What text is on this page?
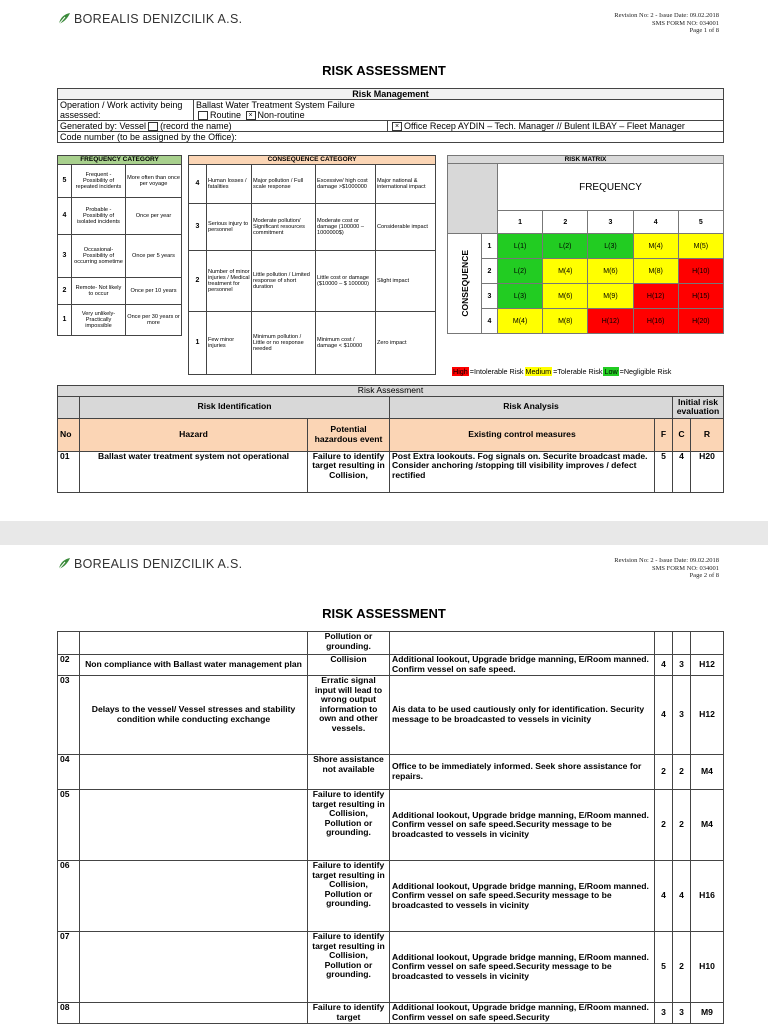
BOREALIS DENIZCILIK A.S.	Revision No: 2 - Issue Date: 09.02.2018
SMS FORM NO: 034001
Page 1 of 8
RISK ASSESSMENT
Risk Management		
Operation / Work activity being assessed:	Ballast Water Treatment System Failure
Routine × Non-routine	

Generated by: Vessel (record the name)		× Office Recep AYDIN – Tech. Manager // Bulent ILBAY – Fleet Manager
Code number (to be assigned by the Office):		
FREQUENCY CATEGORY		
5	Frequent - Possibility of repeated incidents	More often than once per voyage
4	Probable - Possibility of isolated incidents	Once per year
3	Occasional- Possibility of occurring sometime	Once per 5 years
2	Remote- Not likely to occur	Once per 10 years
1	Very unlikely- Practically impossible	Once per 30 years or more
CONSEQUENCE CATEGORY				
4	Human losses / fatalities	Major pollution / Full scale response	Excessive/ high cost damage >$1000000	Major national & international impact
3	Serious injury to personnel	Moderate pollution/ Significant resources commitment	Moderate cost or damage (100000 – 1000000$)	Considerable impact
2	Number of minor injuries / Medical treatment for personnel	Little pollution / Limited response of short duration	Little cost or damage ($10000 – $ 100000)	Slight impact
1	Few minor injuries	Minimum pollution / Little or no response needed	Minimum cost / damage < $10000	Zero impact
RISK MATRIX						
		FREQUENCY				
		1	2	3	4	5

CONSEQUENCE	1	L(1)	L(2)	L(3)	M(4)	M(5)
	2	L(2)	M(4)	M(6)	M(8)	H(10)
	3	L(3)	M(6)	M(9)	H(12)	H(15)
	4	M(4)	M(8)	H(12)	H(16)	H(20)
High =Intolerable Risk Medium =Tolerable Risk Low =Negligible Risk
Risk Assessment						
	Risk Identification		Risk Analysis		Initial risk evaluation	
No	Hazard	Potential hazardous event	Existing control measures	F	C	R
01	Ballast water treatment system not operational	Failure to identify target resulting in Collision,	Post Extra lookouts. Fog signals on. Securite broadcast made. Consider anchoring /stopping till visibility improves / defect rectified	5	4	H20
BOREALIS DENIZCILIK A.S.	Revision No: 2 - Issue Date: 09.02.2018
SMS FORM NO: 034001
Page 2 of 8
RISK ASSESSMENT
		Pollution or grounding.				
02	Non compliance with Ballast water management plan	Collision	Additional lookout, Upgrade bridge manning, E/Room manned. Confirm vessel on safe speed.	4	3	H12
03	Delays to the vessel/ Vessel stresses and stability condition while conducting exchange	Erratic signal input will lead to wrong output information to own and other vessels.	Ais data to be used cautiously only for identification. Security message to be broadcasted to vessels in vicinity	4	3	H12
04		Shore assistance not available	Office to be immediately informed. Seek shore assistance for repairs.	2	2	M4
05		Failure to identify target resulting in Collision, Pollution or grounding.	Additional lookout, Upgrade bridge manning, E/Room manned. Confirm vessel on safe speed.Security message to be broadcasted to vessels in vicinity	2	2	M4
06		Failure to identify target resulting in Collision, Pollution or grounding.	Additional lookout, Upgrade bridge manning, E/Room manned. Confirm vessel on safe speed.Security message to be broadcasted to vessels in vicinity	4	4	H16
07		Failure to identify target resulting in Collision, Pollution or grounding.	Additional lookout, Upgrade bridge manning, E/Room manned. Confirm vessel on safe speed.Security message to be broadcasted to vessels in vicinity	5	2	H10
08		Failure to identify target	Additional lookout, Upgrade bridge manning, E/Room manned. Confirm vessel on safe speed.Security	3	3	M9
